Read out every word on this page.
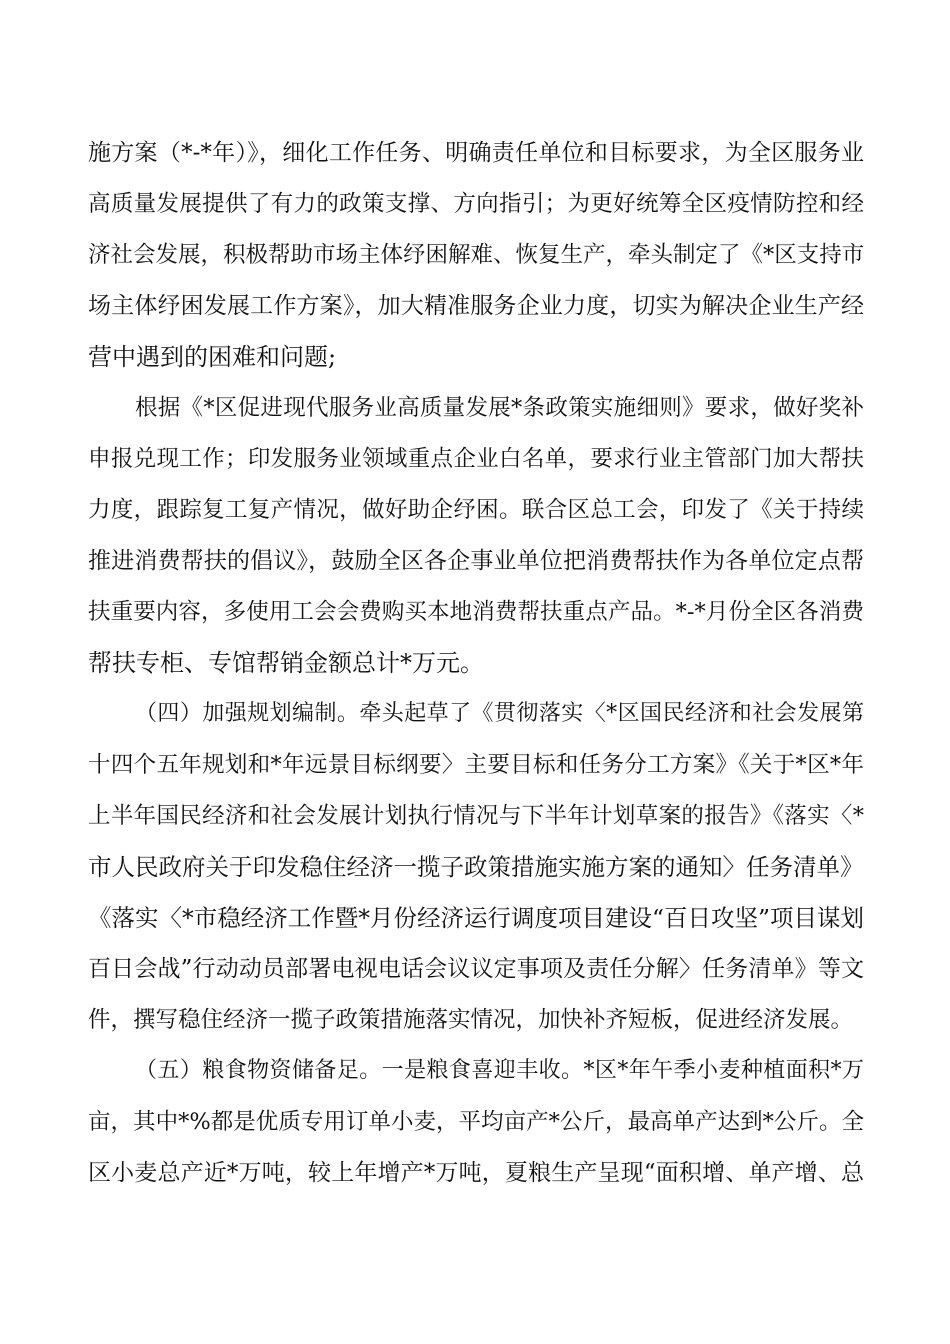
施方案（*-*年）》，细化工作任务、明确责任单位和目标要求，为全区服务业

高质量发展提供了有力的政策支撑、方向指引；为更好统筹全区疫情防控和经

济社会发展，积极帮助市场主体纾困解难、恢复生产，牵头制定了《*区支持市

场主体纾困发展工作方案》，加大精准服务企业力度，切实为解决企业生产经

营中遇到的困难和问题;

根据《*区促进现代服务业高质量发展*条政策实施细则》要求，做好奖补

申报兑现工作；印发服务业领域重点企业白名单，要求行业主管部门加大帮扶

力度，跟踪复工复产情况，做好助企纾困。联合区总工会，印发了《关于持续

推进消费帮扶的倡议》，鼓励全区各企事业单位把消费帮扶作为各单位定点帮

扶重要内容，多使用工会会费购买本地消费帮扶重点产品。*-*月份全区各消费

帮扶专柜、专馆帮销金额总计*万元。

（四）加强规划编制。牵头起草了《贯彻落实〈*区国民经济和社会发展第

十四个五年规划和*年远景目标纲要〉主要目标和任务分工方案》《关于*区*年

上半年国民经济和社会发展计划执行情况与下半年计划草案的报告》《落实〈*

市人民政府关于印发稳住经济一揽子政策措施实施方案的通知〉任务清单》

《落实〈*市稳经济工作暨*月份经济运行调度项目建设“百日攻坚”项目谋划

百日会战”行动动员部署电视电话会议议定事项及责任分解〉任务清单》等文

件，撰写稳住经济一揽子政策措施落实情况，加快补齐短板，促进经济发展。

（五）粮食物资储备足。一是粮食喜迎丰收。*区*年午季小麦种植面积*万

亩，其中*%都是优质专用订单小麦，平均亩产*公斤，最高单产达到*公斤。全

区小麦总产近*万吨，较上年增产*万吨，夏粮生产呈现“面积增、单产增、总
